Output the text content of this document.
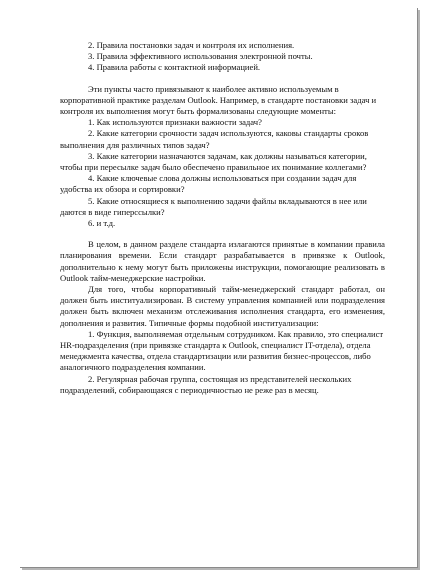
2. Правила постановки задач и контроля их исполнения.

3. Правила эффективного использования электронной почты.

4. Правила работы с контактной информацией.

Эти пункты часто привязывают к наиболее активно используемым в корпоративной практике разделам Outlook. Например, в стандарте постановки задач и контроля их выполнения могут быть формализованы следующие моменты:

1. Как используются признаки важности задач?

2. Какие категории срочности задач используются, каковы стандарты сроков выполнения для различных типов задач?

3. Какие категории назначаются задачам, как должны называться категории, чтобы при пересылке задач было обеспечено правильное их понимание коллегами?

4. Какие ключевые слова должны использоваться при создании задач для удобства их обзора и сортировки?

5. Какие относящиеся к выполнению задачи файлы вкладываются в нее или даются в виде гиперссылки?

6. и т.д.

В целом, в данном разделе стандарта излагаются принятые в компании правила планирования времени. Если стандарт разрабатывается в привязке к Outlook, дополнительно к нему могут быть приложены инструкции, помогающие реализовать в Outlook тайм-менеджерские настройки.

Для того, чтобы корпоративный тайм-менеджерский стандарт работал, он должен быть институализирован. В систему управления компанией или подразделения должен быть включен механизм отслеживания исполнения стандарта, его изменения, дополнения и развития. Типичные формы подобной институализации:

1. Функция, выполняемая отдельным сотрудником. Как правило, это специалист HR-подразделения (при привязке стандарта к Outlook, специалист IT-отдела), отдела менеджмента качества, отдела стандартизации или развития бизнес-процессов, либо аналогичного подразделения компании.

2. Регулярная рабочая группа, состоящая из представителей нескольких подразделений, собирающаяся с периодичностью не реже раз в месяц.
